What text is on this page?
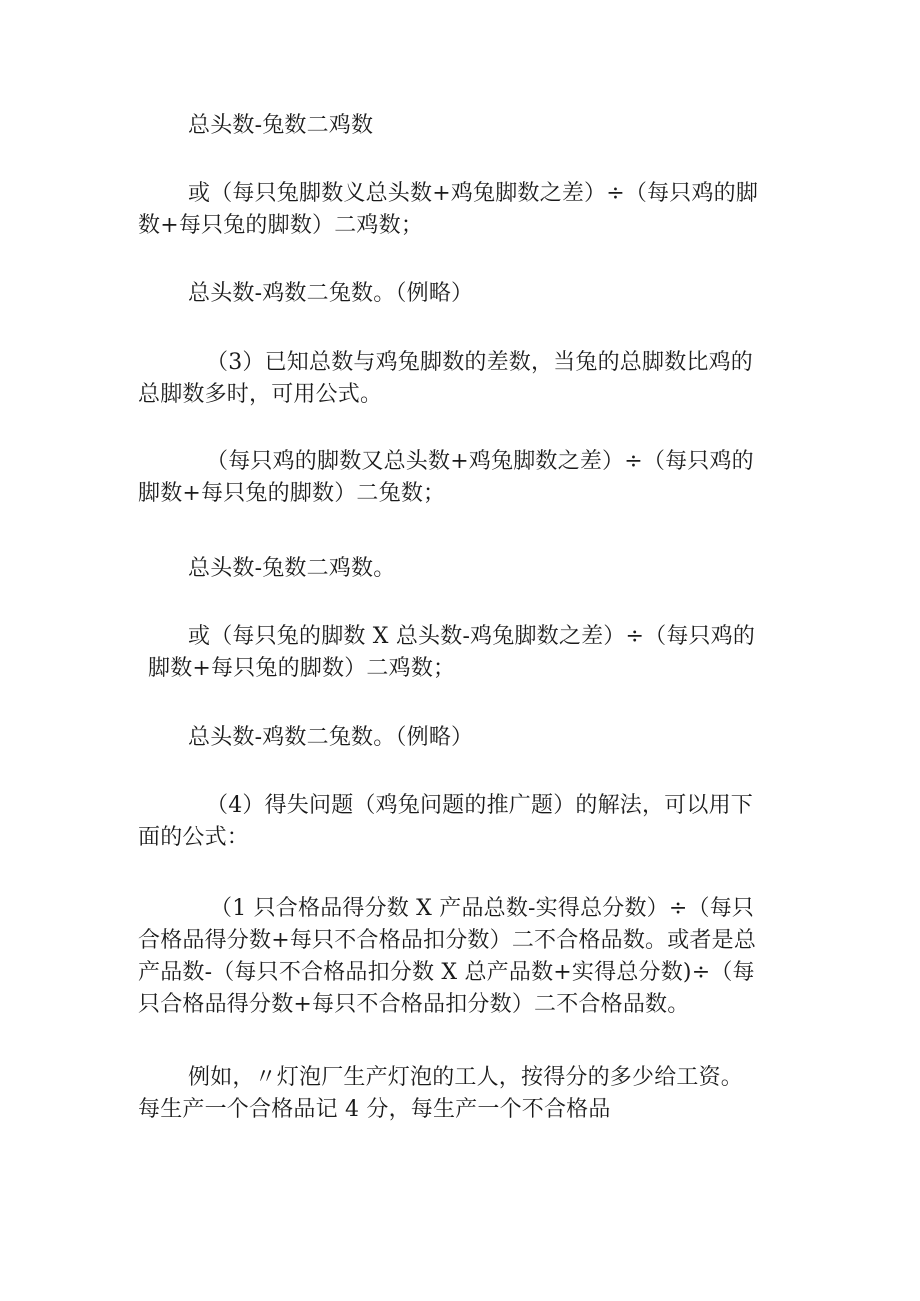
总头数-兔数二鸡数
或（每只兔脚数义总头数+鸡兔脚数之差）÷（每只鸡的脚
数+每只兔的脚数）二鸡数；
总头数-鸡数二兔数。（例略）
（3）已知总数与鸡兔脚数的差数，当兔的总脚数比鸡的
总脚数多时，可用公式。
（每只鸡的脚数又总头数+鸡兔脚数之差）÷（每只鸡的
脚数+每只兔的脚数）二兔数；
总头数-兔数二鸡数。
或（每只兔的脚数 X 总头数-鸡兔脚数之差）÷（每只鸡的
脚数+每只兔的脚数）二鸡数；
总头数-鸡数二兔数。（例略）
（4）得失问题（鸡兔问题的推广题）的解法，可以用下
面的公式：
（1 只合格品得分数 X 产品总数-实得总分数）÷（每只
合格品得分数+每只不合格品扣分数）二不合格品数。或者是总
产品数-（每只不合格品扣分数 X 总产品数+实得总分数)÷（每
只合格品得分数+每只不合格品扣分数）二不合格品数。
例如，〃灯泡厂生产灯泡的工人，按得分的多少给工资。
每生产一个合格品记 4 分，每生产一个不合格品
